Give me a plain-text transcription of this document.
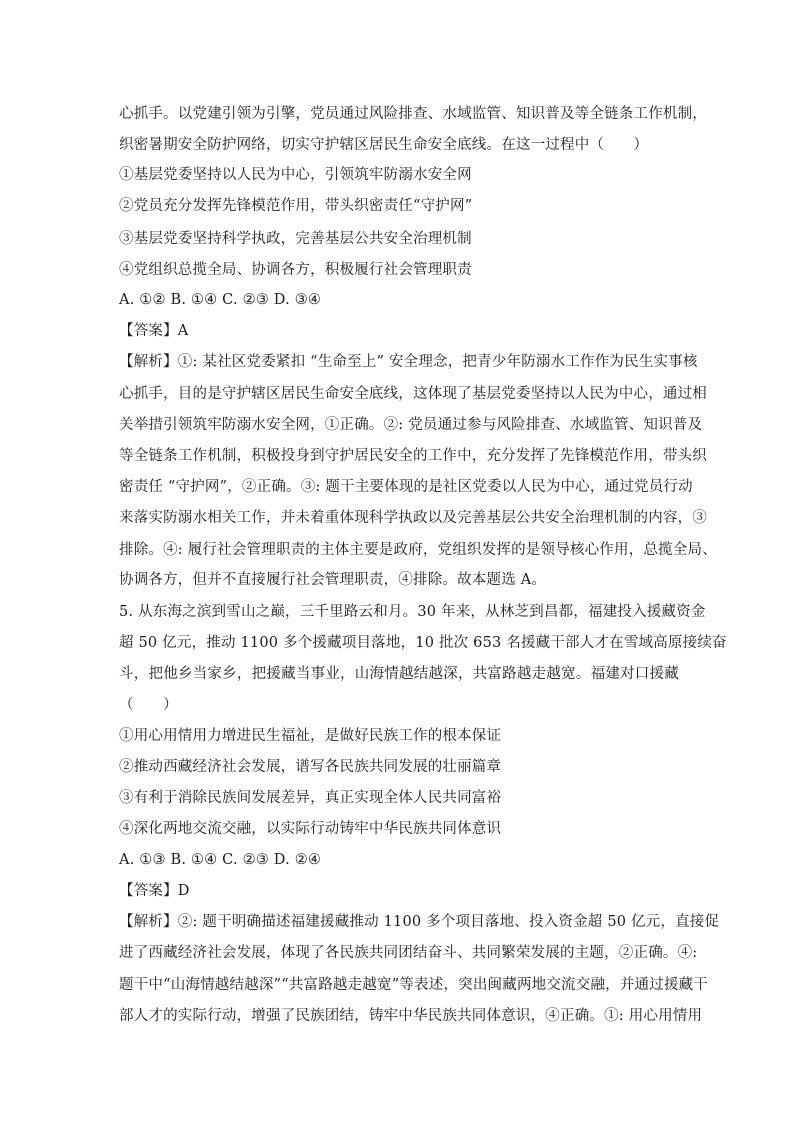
心抓手。以党建引领为引擎，党员通过风险排查、水域监管、知识普及等全链条工作机制，
织密暑期安全防护网络，切实守护辖区居民生命安全底线。在这一过程中（　　）
①基层党委坚持以人民为中心，引领筑牢防溺水安全网
②党员充分发挥先锋模范作用，带头织密责任“守护网”
③基层党委坚持科学执政，完善基层公共安全治理机制
④党组织总揽全局、协调各方，积极履行社会管理职责
A. ①② B. ①④ C. ②③ D. ③④
【答案】A
【解析】①: 某社区党委紧扣 “生命至上” 安全理念，把青少年防溺水工作作为民生实事核
心抓手，目的是守护辖区居民生命安全底线，这体现了基层党委坚持以人民为中心，通过相
关举措引领筑牢防溺水安全网，①正确。②: 党员通过参与风险排查、水域监管、知识普及
等全链条工作机制，积极投身到守护居民安全的工作中，充分发挥了先锋模范作用，带头织
密责任 “守护网”，②正确。③: 题干主要体现的是社区党委以人民为中心，通过党员行动
来落实防溺水相关工作，并未着重体现科学执政以及完善基层公共安全治理机制的内容，③
排除。④: 履行社会管理职责的主体主要是政府，党组织发挥的是领导核心作用，总揽全局、
协调各方，但并不直接履行社会管理职责，④排除。故本题选 A。
5. 从东海之滨到雪山之巅，三千里路云和月。30 年来，从林芝到昌都，福建投入援藏资金
超 50 亿元，推动 1100 多个援藏项目落地，10 批次 653 名援藏干部人才在雪域高原接续奋
斗，把他乡当家乡，把援藏当事业，山海情越结越深，共富路越走越宽。福建对口援藏
（　　）
①用心用情用力增进民生福祉，是做好民族工作的根本保证
②推动西藏经济社会发展，谱写各民族共同发展的壮丽篇章
③有利于消除民族间发展差异，真正实现全体人民共同富裕
④深化两地交流交融，以实际行动铸牢中华民族共同体意识
A. ①③ B. ①④ C. ②③ D. ②④
【答案】D
【解析】②: 题干明确描述福建援藏推动 1100 多个项目落地、投入资金超 50 亿元，直接促
进了西藏经济社会发展，体现了各民族共同团结奋斗、共同繁荣发展的主题，②正确。④:
题干中“山海情越结越深”“共富路越走越宽”等表述，突出闽藏两地交流交融，并通过援藏干
部人才的实际行动，增强了民族团结，铸牢中华民族共同体意识，④正确。①: 用心用情用
